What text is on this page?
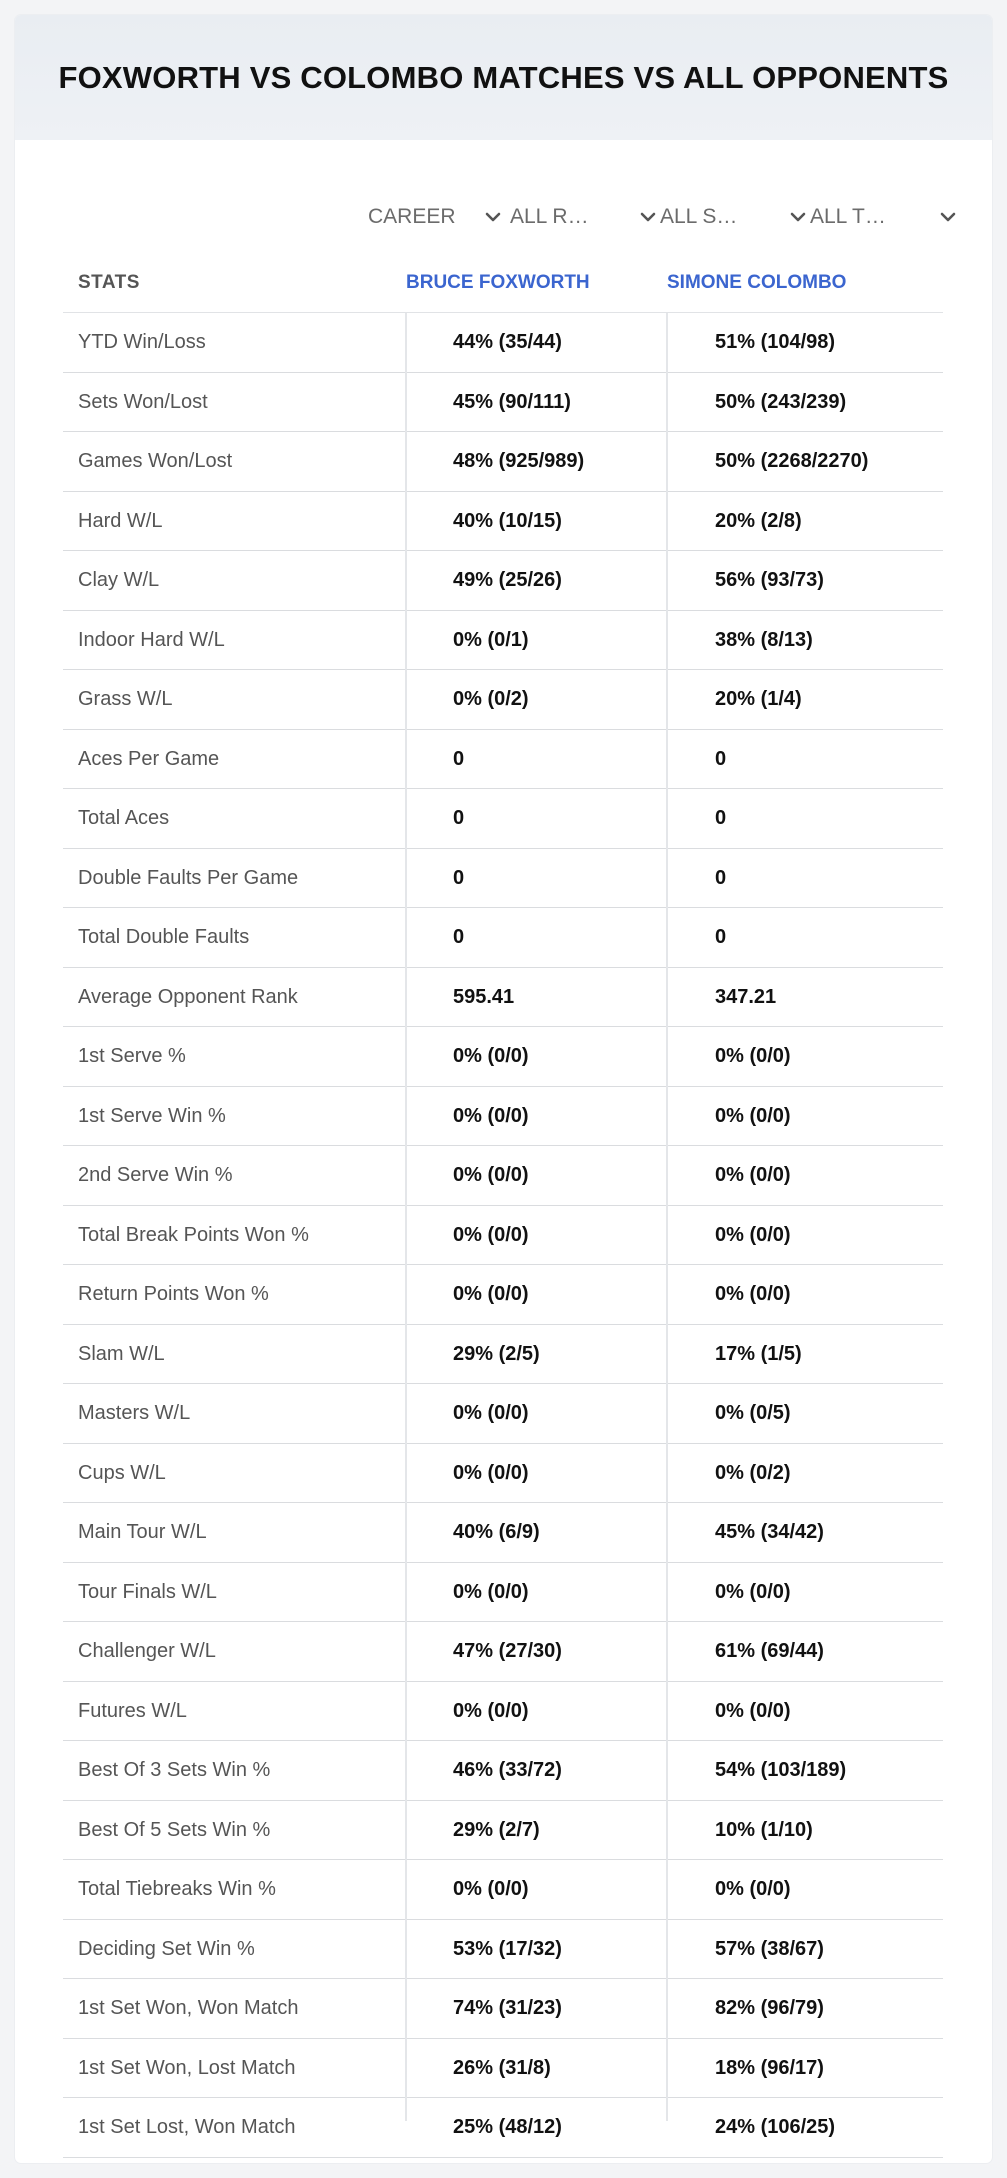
FOXWORTH VS COLOMBO MATCHES VS ALL OPPONENTS
CAREER	ALL R…	ALL S…	ALL T…
STATS	BRUCE FOXWORTH	SIMONE COLOMBO
YTD Win/Loss	44% (35/44)	51% (104/98)
Sets Won/Lost	45% (90/111)	50% (243/239)
Games Won/Lost	48% (925/989)	50% (2268/2270)
Hard W/L	40% (10/15)	20% (2/8)
Clay W/L	49% (25/26)	56% (93/73)
Indoor Hard W/L	0% (0/1)	38% (8/13)
Grass W/L	0% (0/2)	20% (1/4)
Aces Per Game	0	0
Total Aces	0	0
Double Faults Per Game	0	0
Total Double Faults	0	0
Average Opponent Rank	595.41	347.21
1st Serve %	0% (0/0)	0% (0/0)
1st Serve Win %	0% (0/0)	0% (0/0)
2nd Serve Win %	0% (0/0)	0% (0/0)
Total Break Points Won %	0% (0/0)	0% (0/0)
Return Points Won %	0% (0/0)	0% (0/0)
Slam W/L	29% (2/5)	17% (1/5)
Masters W/L	0% (0/0)	0% (0/5)
Cups W/L	0% (0/0)	0% (0/2)
Main Tour W/L	40% (6/9)	45% (34/42)
Tour Finals W/L	0% (0/0)	0% (0/0)
Challenger W/L	47% (27/30)	61% (69/44)
Futures W/L	0% (0/0)	0% (0/0)
Best Of 3 Sets Win %	46% (33/72)	54% (103/189)
Best Of 5 Sets Win %	29% (2/7)	10% (1/10)
Total Tiebreaks Win %	0% (0/0)	0% (0/0)
Deciding Set Win %	53% (17/32)	57% (38/67)
1st Set Won, Won Match	74% (31/23)	82% (96/79)
1st Set Won, Lost Match	26% (31/8)	18% (96/17)
1st Set Lost, Won Match	25% (48/12)	24% (106/25)
